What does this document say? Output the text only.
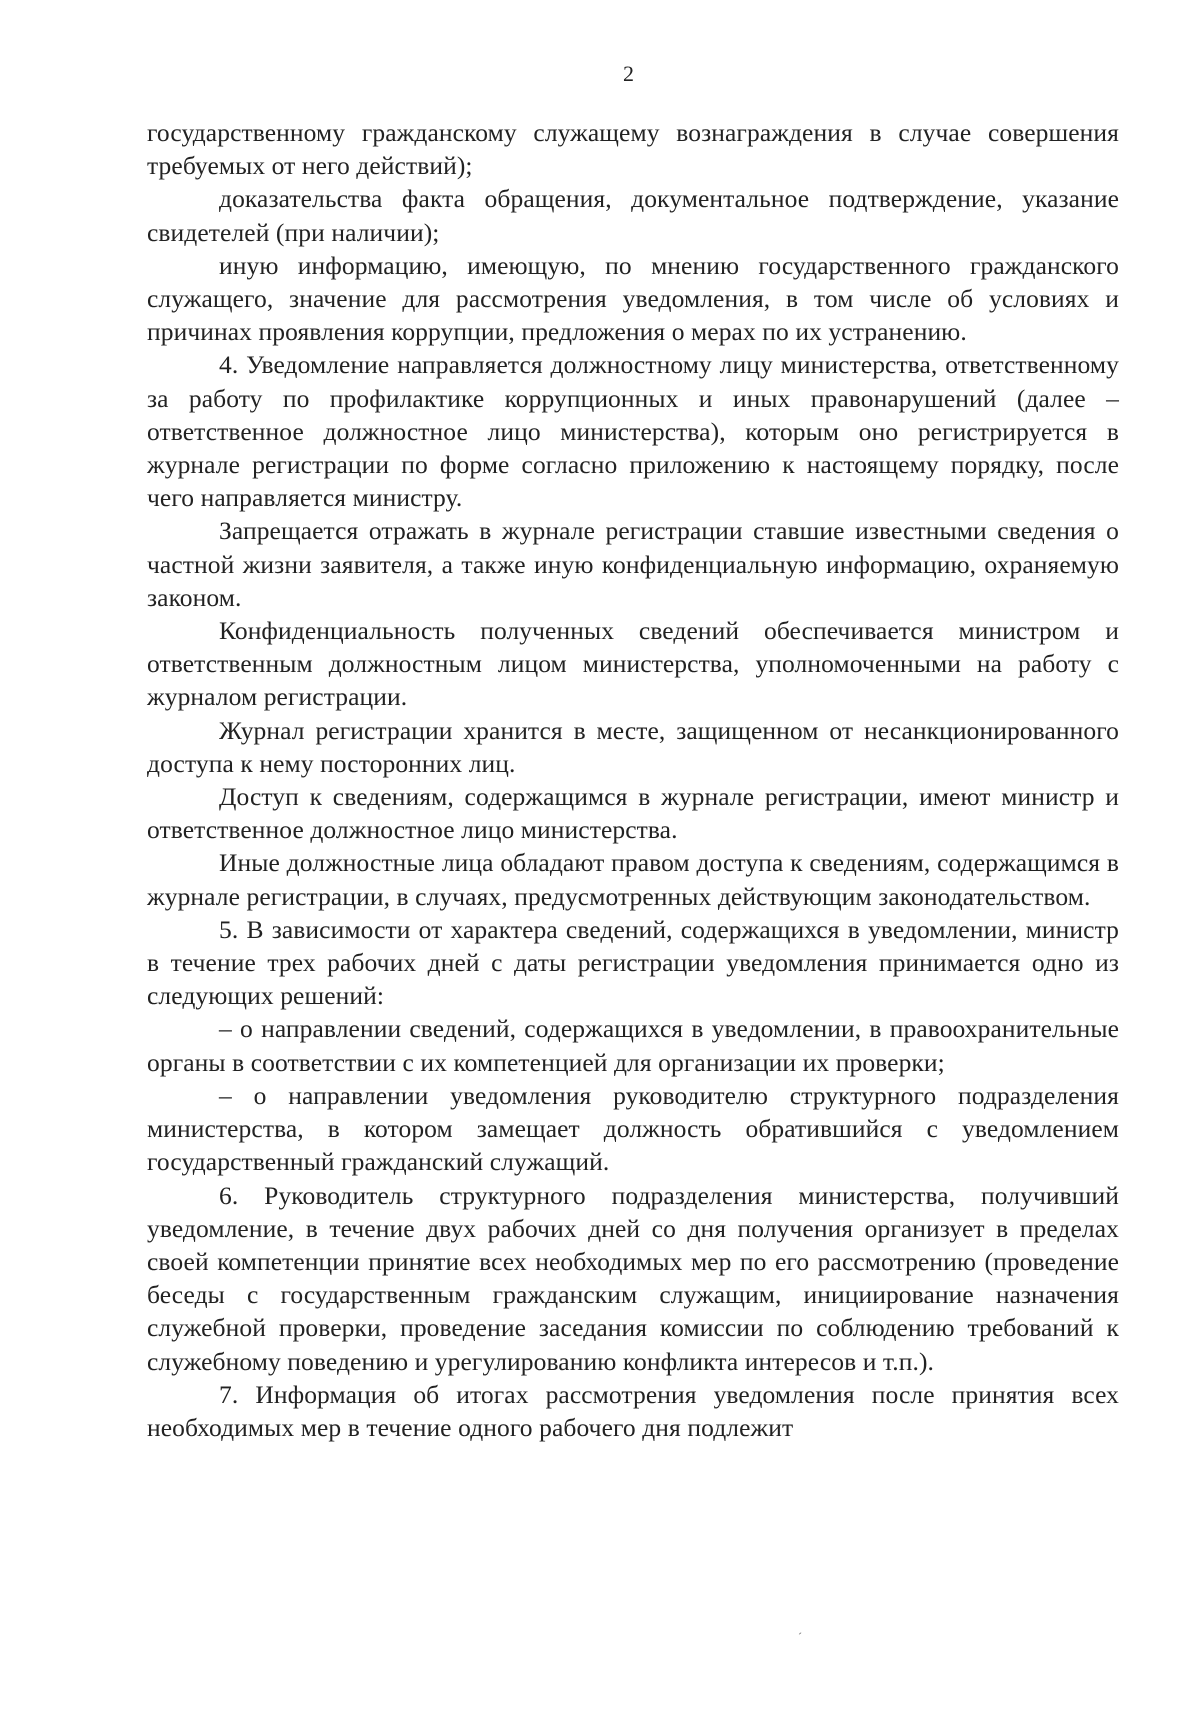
2

государственному гражданскому служащему вознаграждения в случае совершения требуемых от него действий);

доказательства факта обращения, документальное подтверждение, указание свидетелей (при наличии);

иную информацию, имеющую, по мнению государственного гражданского служащего, значение для рассмотрения уведомления, в том числе об условиях и причинах проявления коррупции, предложения о мерах по их устранению.

4. Уведомление направляется должностному лицу министерства, ответственному за работу по профилактике коррупционных и иных правонарушений (далее – ответственное должностное лицо министерства), которым оно регистрируется в журнале регистрации по форме согласно приложению к настоящему порядку, после чего направляется министру.

Запрещается отражать в журнале регистрации ставшие известными сведения о частной жизни заявителя, а также иную конфиденциальную информацию, охраняемую законом.

Конфиденциальность полученных сведений обеспечивается министром и ответственным должностным лицом министерства, уполномоченными на работу с журналом регистрации.

Журнал регистрации хранится в месте, защищенном от несанкционированного доступа к нему посторонних лиц.

Доступ к сведениям, содержащимся в журнале регистрации, имеют министр и ответственное должностное лицо министерства.

Иные должностные лица обладают правом доступа к сведениям, содержащимся в журнале регистрации, в случаях, предусмотренных действующим законодательством.

5. В зависимости от характера сведений, содержащихся в уведомлении, министр в течение трех рабочих дней с даты регистрации уведомления принимается одно из следующих решений:

– о направлении сведений, содержащихся в уведомлении, в правоохранительные органы в соответствии с их компетенцией для организации их проверки;

– о направлении уведомления руководителю структурного подразделения министерства, в котором замещает должность обратившийся с уведомлением государственный гражданский служащий.

6. Руководитель структурного подразделения министерства, получивший уведомление, в течение двух рабочих дней со дня получения организует в пределах своей компетенции принятие всех необходимых мер по его рассмотрению (проведение беседы с государственным гражданским служащим, инициирование назначения служебной проверки, проведение заседания комиссии по соблюдению требований к служебному поведению и урегулированию конфликта интересов и т.п.).

7. Информация об итогах рассмотрения уведомления после принятия всех необходимых мер в течение одного рабочего дня подлежит

ˊ
